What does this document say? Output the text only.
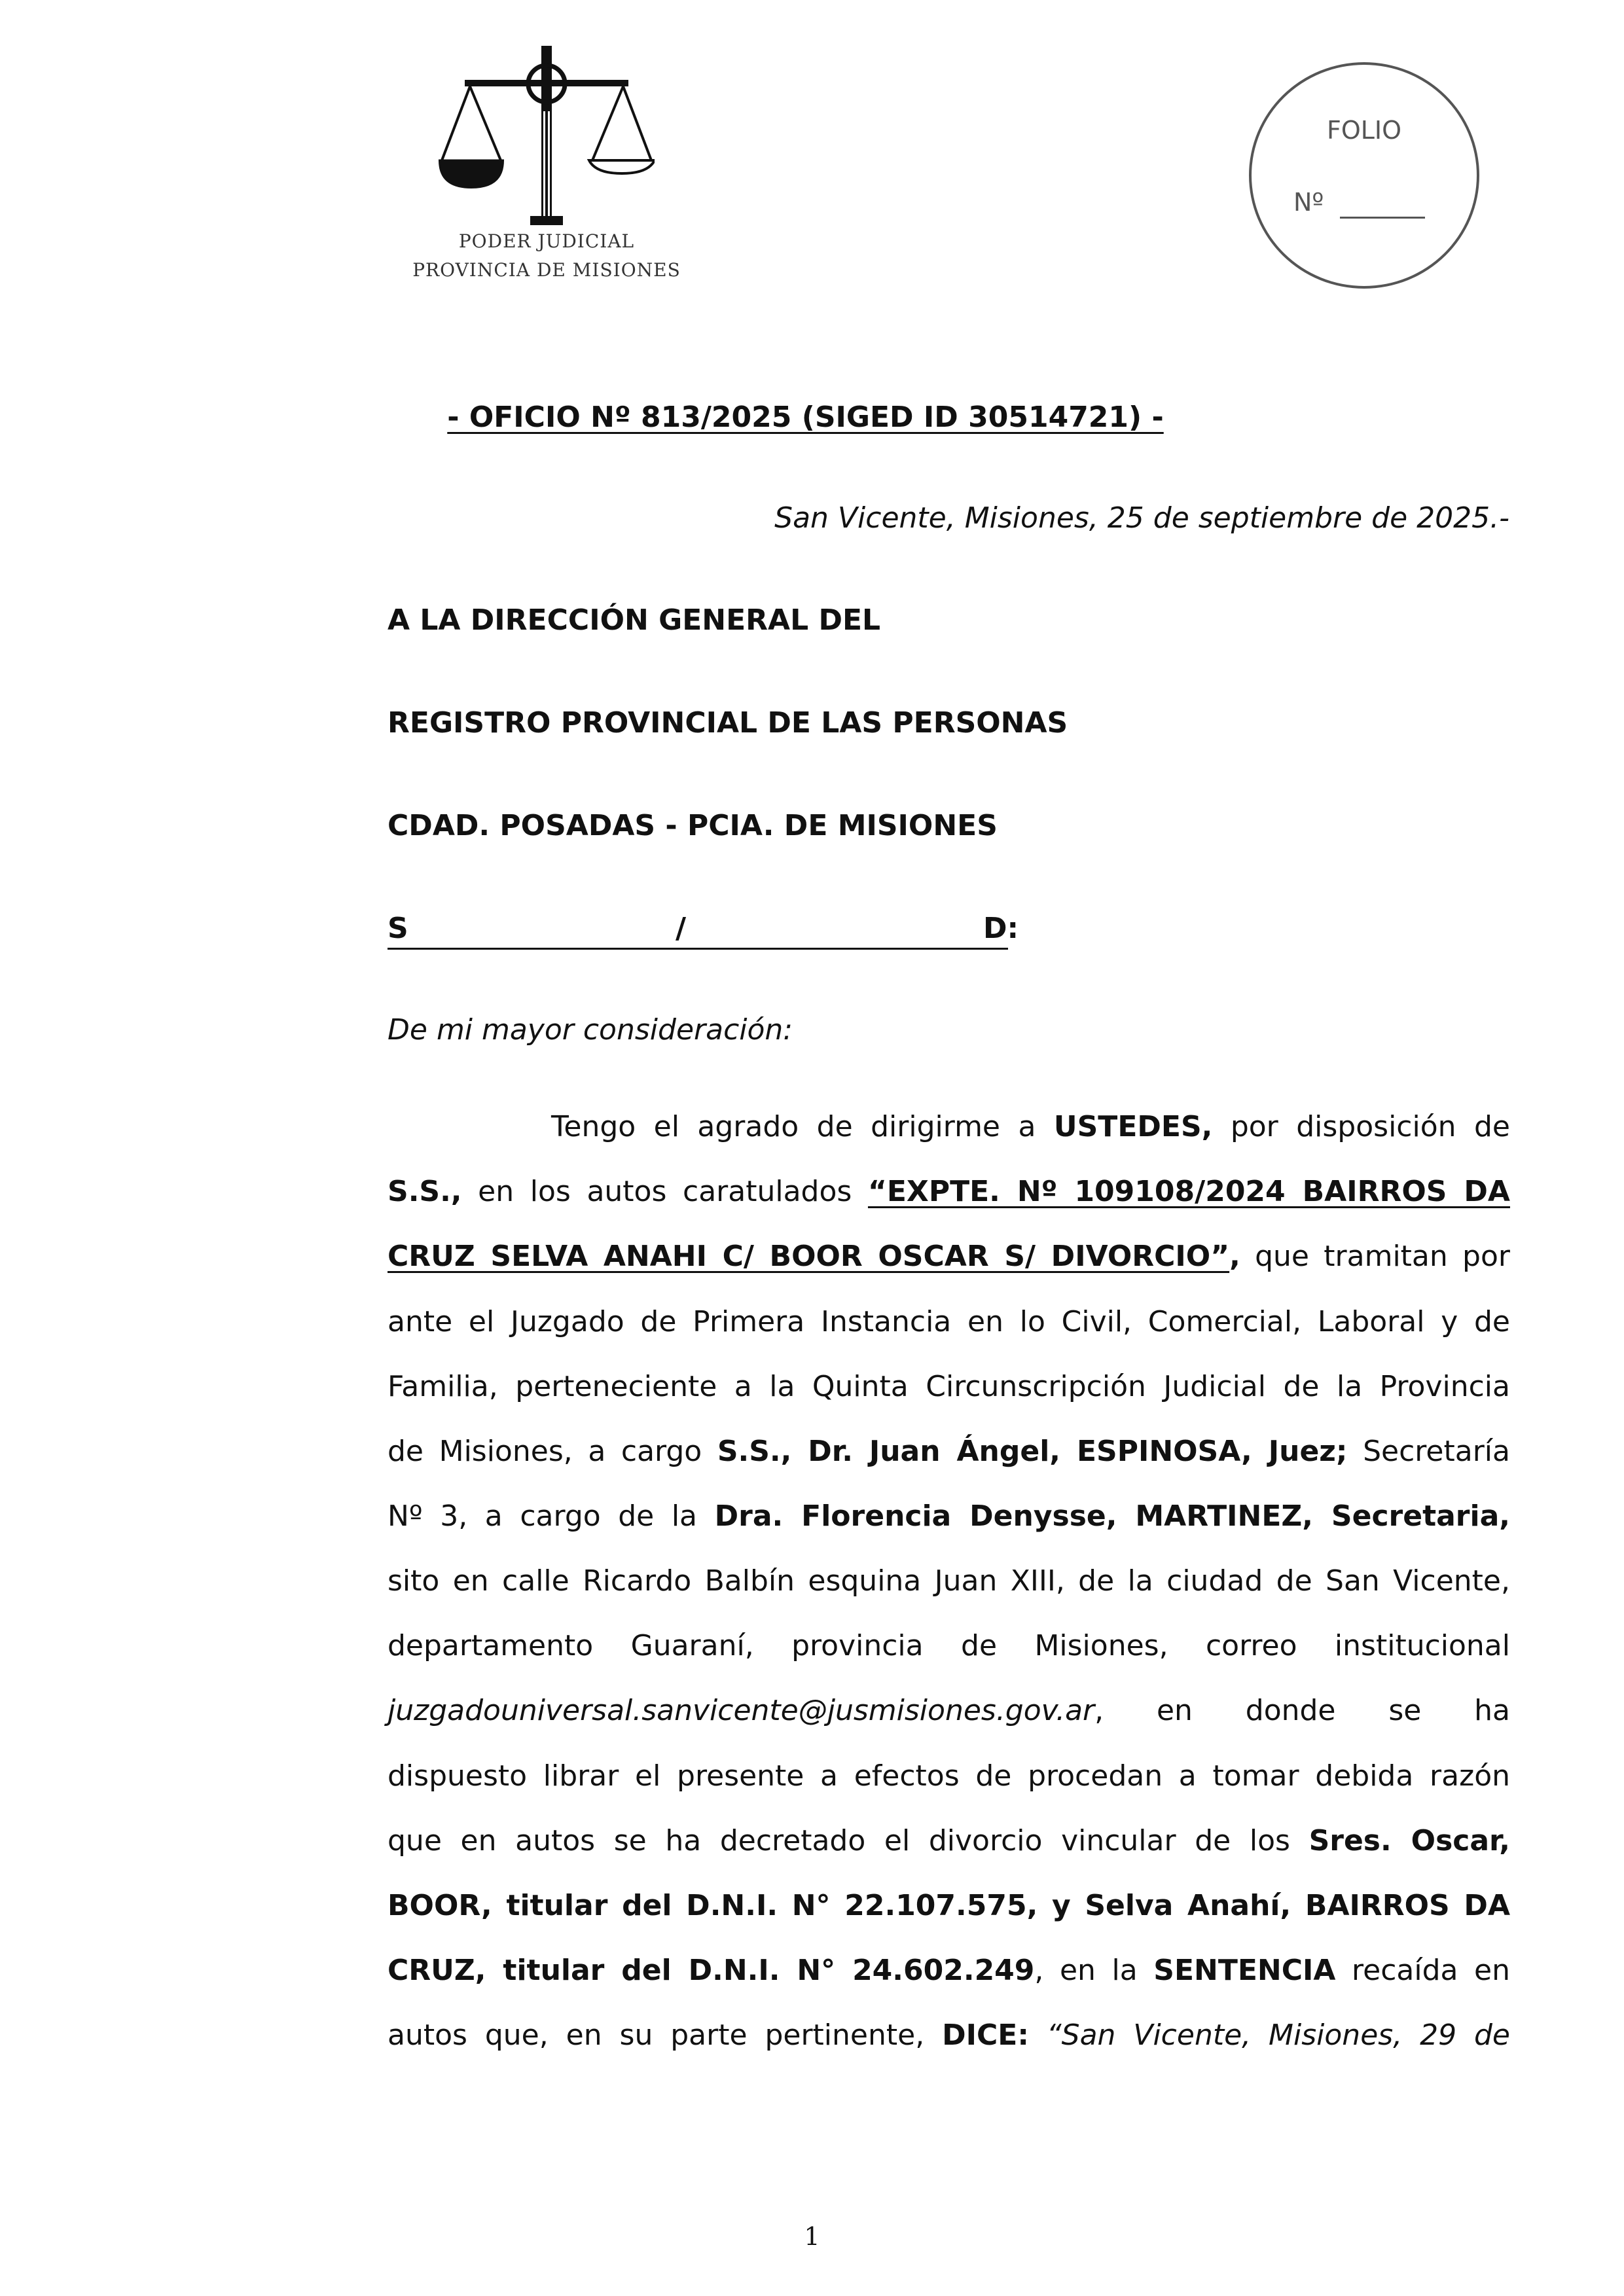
PODER JUDICIAL
PROVINCIA DE MISIONES
FOLIO
Nº
- OFICIO Nº 813/2025 (SIGED ID 30514721) -
San Vicente, Misiones, 25 de septiembre de 2025.-
A LA DIRECCIÓN GENERAL DEL
REGISTRO PROVINCIAL DE LAS PERSONAS
CDAD. POSADAS - PCIA. DE MISIONES
S	/	D:
De mi mayor consideración:
Tengo el agrado de dirigirme a USTEDES, por disposición de
S.S., en los autos caratulados “EXPTE. Nº 109108/2024 BAIRROS DA
CRUZ SELVA ANAHI C/ BOOR OSCAR S/ DIVORCIO”, que tramitan por
ante el Juzgado de Primera Instancia en lo Civil, Comercial, Laboral y de
Familia, perteneciente a la Quinta Circunscripción Judicial de la Provincia
de Misiones, a cargo S.S., Dr. Juan Ángel, ESPINOSA, Juez; Secretaría
Nº 3, a cargo de la Dra. Florencia Denysse, MARTINEZ, Secretaria,
sito en calle Ricardo Balbín esquina Juan XIII, de la ciudad de San Vicente,
departamento Guaraní, provincia de Misiones, correo institucional
juzgadouniversal.sanvicente@jusmisiones.gov.ar, en donde se ha
dispuesto librar el presente a efectos de procedan a tomar debida razón
que en autos se ha decretado el divorcio vincular de los Sres. Oscar,
BOOR, titular del D.N.I. N° 22.107.575, y Selva Anahí, BAIRROS DA
CRUZ, titular del D.N.I. N° 24.602.249, en la SENTENCIA recaída en
autos que, en su parte pertinente, DICE: “San Vicente, Misiones, 29 de
1
